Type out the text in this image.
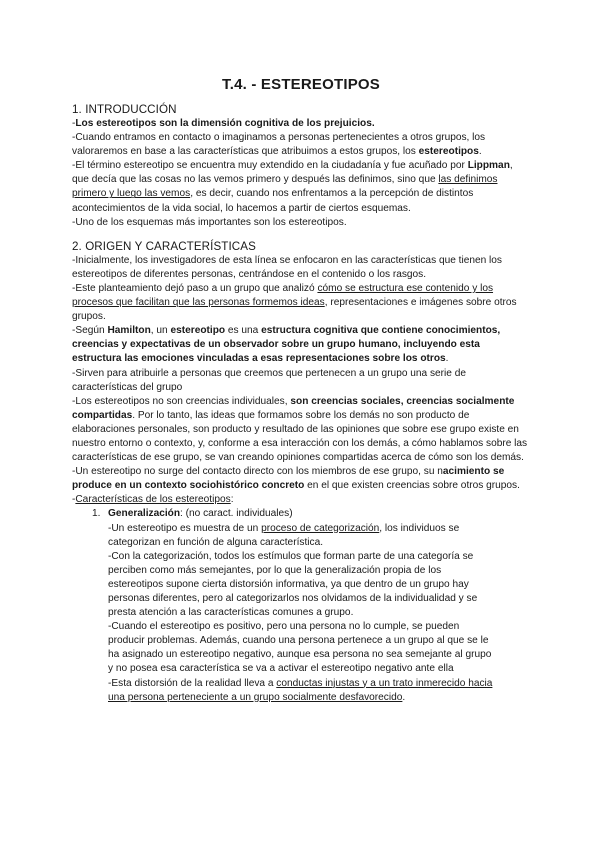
T.4. - ESTEREOTIPOS
1. INTRODUCCIÓN

-Los estereotipos son la dimensión cognitiva de los prejuicios.

-Cuando entramos en contacto o imaginamos a personas pertenecientes a otros grupos, los valoraremos en base a las características que atribuimos a estos grupos, los estereotipos.

-El término estereotipo se encuentra muy extendido en la ciudadanía y fue acuñado por Lippman, que decía que las cosas no las vemos primero y después las definimos, sino que las definimos primero y luego las vemos, es decir, cuando nos enfrentamos a la percepción de distintos acontecimientos de la vida social, lo hacemos a partir de ciertos esquemas.

-Uno de los esquemas más importantes son los estereotipos.

2. ORIGEN Y CARACTERÍSTICAS

-Inicialmente, los investigadores de esta línea se enfocaron en las características que tienen los estereotipos de diferentes personas, centrándose en el contenido o los rasgos.

-Este planteamiento dejó paso a un grupo que analizó cómo se estructura ese contenido y los procesos que facilitan que las personas formemos ideas, representaciones e imágenes sobre otros grupos.

-Según Hamilton, un estereotipo es una estructura cognitiva que contiene conocimientos, creencias y expectativas de un observador sobre un grupo humano, incluyendo esta estructura las emociones vinculadas a esas representaciones sobre los otros.

-Sirven para atribuirle a personas que creemos que pertenecen a un grupo una serie de características del grupo

-Los estereotipos no son creencias individuales, son creencias sociales, creencias socialmente compartidas. Por lo tanto, las ideas que formamos sobre los demás no son producto de elaboraciones personales, son producto y resultado de las opiniones que sobre ese grupo existe en nuestro entorno o contexto, y, conforme a esa interacción con los demás, a cómo hablamos sobre las características de ese grupo, se van creando opiniones compartidas acerca de cómo son los demás.

-Un estereotipo no surge del contacto directo con los miembros de ese grupo, su nacimiento se produce en un contexto sociohistórico concreto en el que existen creencias sobre otros grupos.

-Características de los estereotipos:

1. Generalización: (no caract. individuales)

-Un estereotipo es muestra de un proceso de categorización, los individuos se categorizan en función de alguna característica.

-Con la categorización, todos los estímulos que forman parte de una categoría se perciben como más semejantes, por lo que la generalización propia de los estereotipos supone cierta distorsión informativa, ya que dentro de un grupo hay personas diferentes, pero al categorizarlos nos olvidamos de la individualidad y se presta atención a las características comunes a grupo.

-Cuando el estereotipo es positivo, pero una persona no lo cumple, se pueden producir problemas. Además, cuando una persona pertenece a un grupo al que se le ha asignado un estereotipo negativo, aunque esa persona no sea semejante al grupo y no posea esa característica se va a activar el estereotipo negativo ante ella

-Esta distorsión de la realidad lleva a conductas injustas y a un trato inmerecido hacia una persona perteneciente a un grupo socialmente desfavorecido.
